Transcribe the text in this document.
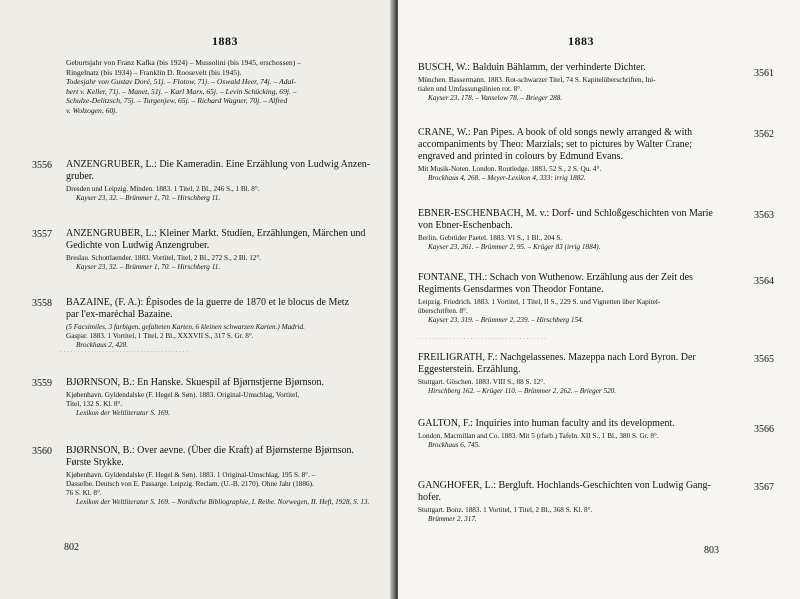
1883
Geburtsjahr von Franz Kafka (bis 1924) – Mussolini (bis 1945, erschossen) –
Ringelnatz (bis 1934) – Franklin D. Roosevelt (bis 1945).
Todesjahr von Gustav Doré, 51j. – Flotow, 71j. – Oswald Heer, 74j. – Adal-
bert v. Keller, 71j. – Manet, 51j. – Karl Marx, 65j. – Levin Schücking, 69j. –
Schulze-Delitzsch, 75j. – Turgenjew, 65j. – Richard Wagner, 70j. – Alfred
v. Wolzogen, 60j.
3556 ANZENGRUBER, L.: Die Kameradin. Eine Erzählung von Ludwig Anzen-
gruber.
Dresden und Leipzig. Minden. 1883. 1 Titel, 2 Bl., 246 S., 1 Bl. 8°.
Kayser 23, 32. – Brümmer 1, 70. – Hirschberg 11.
3557 ANZENGRUBER, L.: Kleiner Markt. Studien, Erzählungen, Märchen und
Gedichte von Ludwig Anzengruber.
Breslau. Schottlaender. 1883. Vortitel, Titel, 2 Bl., 272 S., 2 Bl. 12°.
Kayser 23, 32. – Brümmer 1, 70. – Hirschberg 11.
3558 BAZAINE, (F. A.): Épisodes de la guerre de 1870 et le blocus de Metz
par l'ex-maréchal Bazaine.
(5 Facsimiles, 3 farbigen, gefalteten Karten, 6 kleinen schwarzen Karten.) Madrid.
Gaspar. 1883. 1 Vortitel, 1 Titel, 2 Bl., XXXVII S., 317 S. Gr. 8°.
Brockhaus 2, 428.
· · · · · · · · · · · · · · · · · · · · · · · · · · · · · · · · · · · · ·
3559 BJØRNSON, B.: En Hanske. Skuespil af Bjørnstjerne Bjørnson.
Kjøbenhavn. Gyldendalske (F. Hegel & Søn). 1883. Original-Umschlag, Vortitel,
Titel, 132 S. Kl. 8°.
Lexikon der Weltliteratur S. 169.
3560 BJØRNSON, B.: Over aevne. (Über die Kraft) af Bjørnsterne Bjørnson.
Første Stykke.
Kjøbenhavn. Gyldendalske (F. Hegel & Søn). 1883. 1 Original-Umschlag, 195 S. 8°. –
Dasselbe. Deutsch von E. Passarge. Leipzig. Reclam. (U.-B. 2170). Ohne Jahr (1886).
76 S. Kl. 8°.
Lexikon der Weltliteratur S. 169. – Nordische Bibliographie, I. Reihe. Norwegen, II. Heft, 1928, S. 13.
802
1883
BUSCH, W.: Balduin Bählamm, der verhinderte Dichter.
München. Bassermann. 1883. Rot-schwarzer Titel, 74 S. Kapitelüberschriften, Ini-
tialen und Umfassungslinien rot. 8°.
Kayser 23, 178. – Vanselow 78. – Brieger 288.
3561
CRANE, W.: Pan Pipes. A book of old songs newly arranged & with
accompaniments by Theo: Marzials; set to pictures by Walter Crane;
engraved and printed in colours by Edmund Evans.
Mit Musik-Noten. London. Routledge. 1883. 52 S., 2 S. Qu. 4°.
Brockhaus 4, 268. – Meyer-Lexikon 4, 333: irrig 1882.
3562
EBNER-ESCHENBACH, M. v.: Dorf- und Schloßgeschichten von Marie
von Ebner-Eschenbach.
Berlin. Gebrüder Paetel. 1883. VI S., 1 Bl., 204 S.
Kayser 23, 261. – Brümmer 2, 95. – Krüger 83 (irrig 1884).
3563
FONTANE, TH.: Schach von Wuthenow. Erzählung aus der Zeit des
Regiments Gensdarmes von Theodor Fontane.
Leipzig. Friedrich. 1883. 1 Vortitel, 1 Titel, II S., 229 S. und Vignetten über Kapitel-
überschriften. 8°.
Kayser 23, 319. – Brümmer 2, 239. – Hirschberg 154.
3564
· · · · · · · · · · · · · · · · · · · · · · · · · · · · · · · · · · · · ·
FREILIGRATH, F.: Nachgelassenes. Mazeppa nach Lord Byron. Der
Eggesterstein. Erzählung.
Stuttgart. Göschen. 1883. VIII S., 88 S. 12°.
Hirschberg 162. – Krüger 110. – Brümmer 2, 262. – Brieger 520.
3565
GALTON, F.: Inquiries into human faculty and its development.
London. Macmillan and Co. 1883. Mit 5 (rfarb.) Tafeln. XII S., 1 Bl., 380 S. Gr. 8°.
Brockhaus 6, 745.
3566
GANGHOFER, L.: Bergluft. Hochlands-Geschichten von Ludwig Gang-
hofer.
Stuttgart. Bonz. 1883. 1 Vortitel, 1 Titel, 2 Bl., 368 S. Kl. 8°.
Brümmer 2, 317.
3567
803
